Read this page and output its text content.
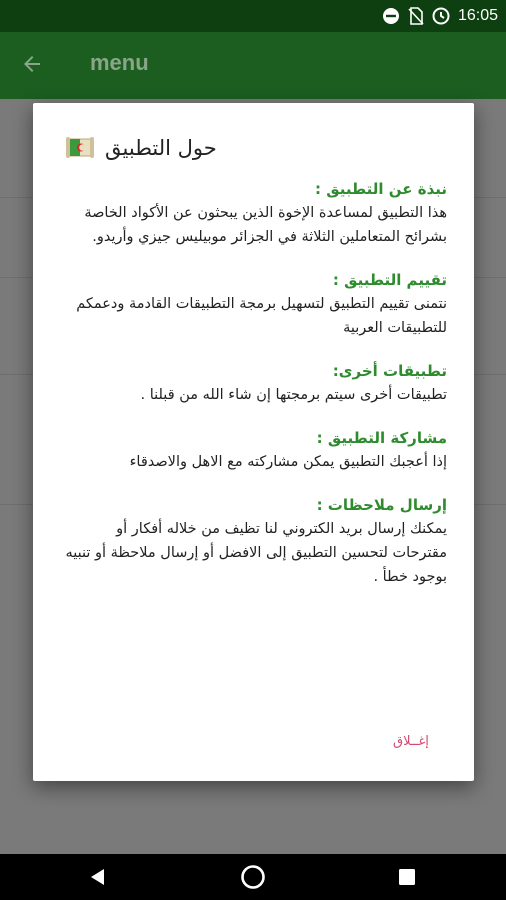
16:05
menu
حول التطبيق
نبذة عن التطبيق :
هذا التطبيق لمساعدة الإخوة الذين يبحثون عن الأكواد الخاصة بشرائح المتعاملين الثلاثة في الجزائر موبيليس جيزي وأريدو.
تقييم التطبيق :
نتمنى تقييم التطبيق لتسهيل برمجة التطبيقات القادمة ودعمكم للتطبيقات العربية
تطبيقات أخرى:
تطبيقات أخرى سيتم برمجتها إن شاء الله من قبلنا .
مشاركة التطبيق :
إذا أعجبك التطبيق يمكن مشاركته مع الاهل والاصدقاء
إرسال ملاحظات :
يمكنك إرسال بريد الكتروني لنا تظيف من خلاله أفكار أو مقترحات لتحسين التطبيق إلى الافضل أو إرسال ملاحظة أو تنبيه بوجود خطأ .
إغــلاق
